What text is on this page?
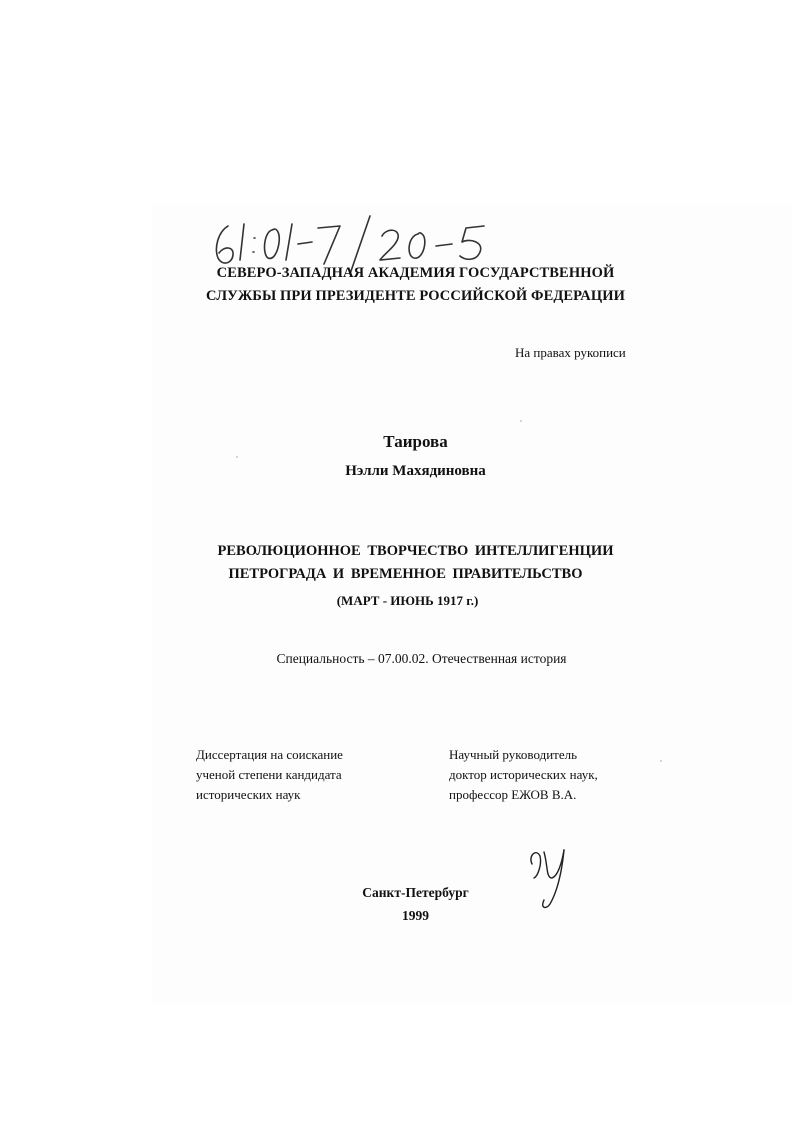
СЕВЕРО-ЗАПАДНАЯ АКАДЕМИЯ ГОСУДАРСТВЕННОЙ
СЛУЖБЫ ПРИ ПРЕЗИДЕНТЕ РОССИЙСКОЙ ФЕДЕРАЦИИ
На правах рукописи
Таирова
Нэлли Махядиновна
РЕВОЛЮЦИОННОЕ ТВОРЧЕСТВО ИНТЕЛЛИГЕНЦИИ
ПЕТРОГРАДА И ВРЕМЕННОЕ ПРАВИТЕЛЬСТВО
(МАРТ - ИЮНЬ 1917 г.)
Специальность – 07.00.02. Отечественная история
Диссертация на соискание
ученой степени кандидата
исторических наук
Научный руководитель
доктор исторических наук,
профессор ЕЖОВ В.А.
Санкт-Петербург
1999
